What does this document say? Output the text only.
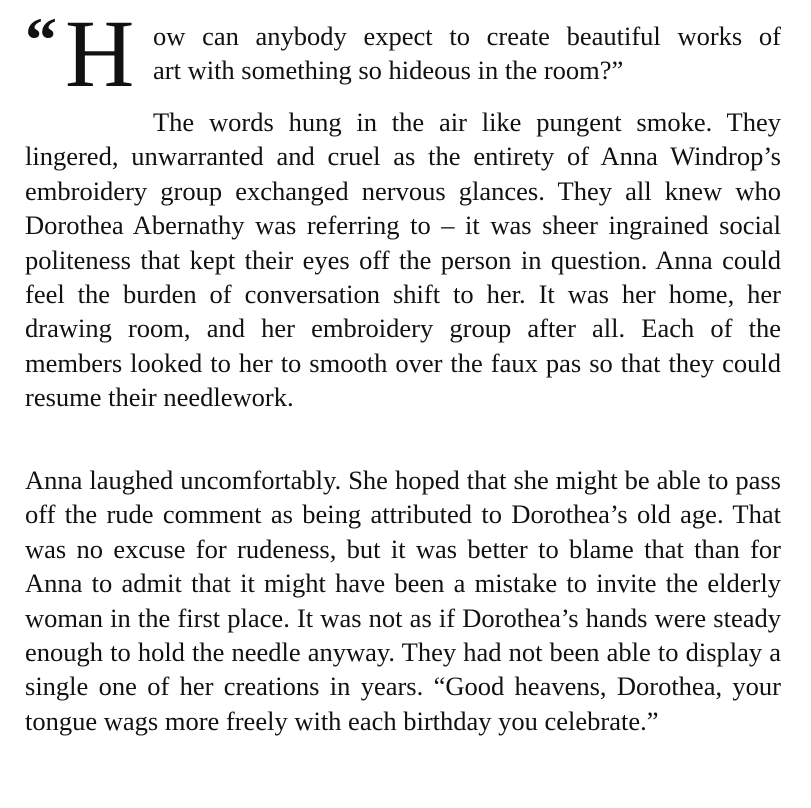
“ H ow can anybody expect to create beautiful works of
art with something so hideous in the room?”

The words hung in the air like pungent smoke. They lingered, unwarranted and cruel as the entirety of Anna Windrop’s embroidery group exchanged nervous glances. They all knew who Dorothea Abernathy was referring to – it was sheer ingrained social politeness that kept their eyes off the person in question. Anna could feel the burden of conversation shift to her. It was her home, her drawing room, and her embroidery group after all. Each of the members looked to her to smooth over the faux pas so that they could resume their needlework.

Anna laughed uncomfortably. She hoped that she might be able to pass off the rude comment as being attributed to Dorothea’s old age. That was no excuse for rudeness, but it was better to blame that than for Anna to admit that it might have been a mistake to invite the elderly woman in the first place. It was not as if Dorothea’s hands were steady enough to hold the needle anyway. They had not been able to display a single one of her creations in years. “Good heavens, Dorothea, your tongue wags more freely with each birthday you celebrate.”
